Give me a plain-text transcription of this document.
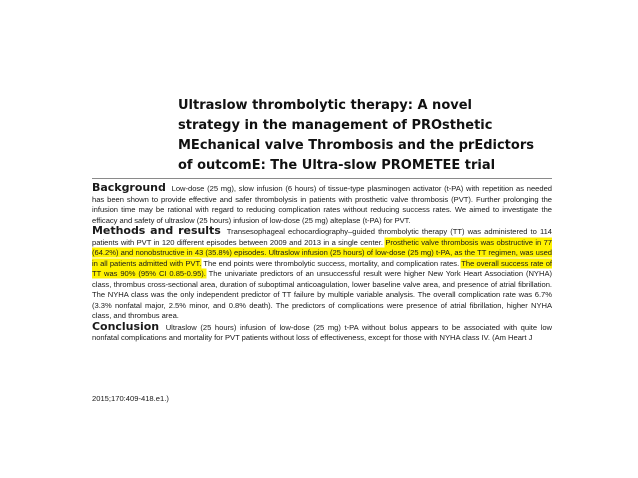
Ultraslow thrombolytic therapy: A novel
strategy in the management of PROsthetic
MEchanical valve Thrombosis and the prEdictors
of outcomE: The Ultra-slow PROMETEE trial

Background Low-dose (25 mg), slow infusion (6 hours) of tissue-type plasminogen activator (t-PA) with repetition as needed has been shown to provide effective and safer thrombolysis in patients with prosthetic valve thrombosis (PVT). Further prolonging the infusion time may be rational with regard to reducing complication rates without reducing success rates. We aimed to investigate the efficacy and safety of ultraslow (25 hours) infusion of low-dose (25 mg) alteplase (t-PA) for PVT.

Methods and results Transesophageal echocardiography–guided thrombolytic therapy (TT) was administered to 114 patients with PVT in 120 different episodes between 2009 and 2013 in a single center. Prosthetic valve thrombosis was obstructive in 77 (64.2%) and nonobstructive in 43 (35.8%) episodes. Ultraslow infusion (25 hours) of low-dose (25 mg) t-PA, as the TT regimen, was used in all patients admitted with PVT. The end points were thrombolytic success, mortality, and complication rates. The overall success rate of TT was 90% (95% CI 0.85-0.95). The univariate predictors of an unsuccessful result were higher New York Heart Association (NYHA) class, thrombus cross-sectional area, duration of suboptimal anticoagulation, lower baseline valve area, and presence of atrial fibrillation. The NYHA class was the only independent predictor of TT failure by multiple variable analysis. The overall complication rate was 6.7% (3.3% nonfatal major, 2.5% minor, and 0.8% death). The predictors of complications were presence of atrial fibrillation, higher NYHA class, and thrombus area.

Conclusion Ultraslow (25 hours) infusion of low-dose (25 mg) t-PA without bolus appears to be associated with quite low nonfatal complications and mortality for PVT patients without loss of effectiveness, except for those with NYHA class IV. (Am Heart J

2015;170:409-418.e1.)
